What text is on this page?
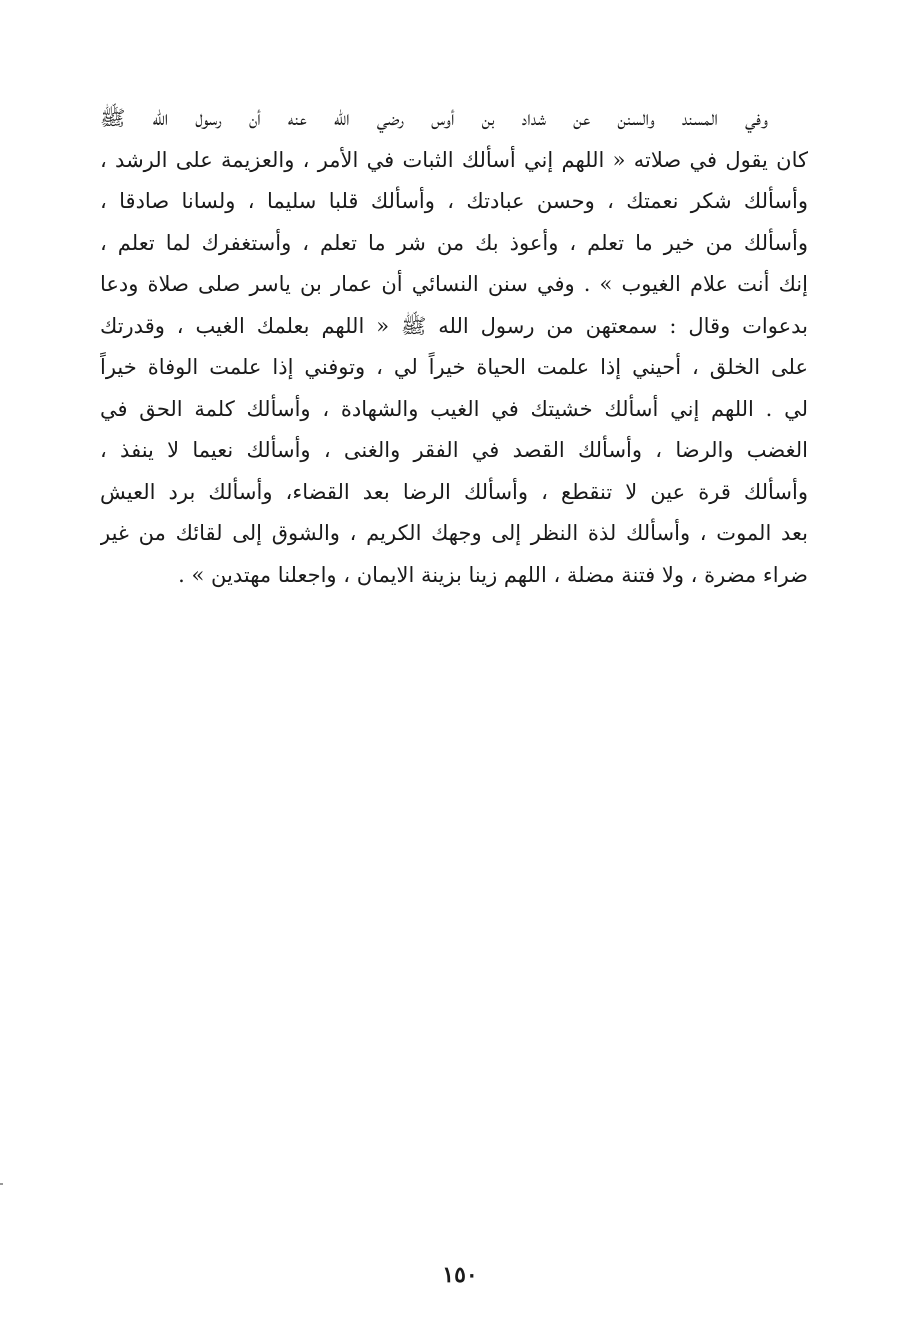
وفي المسند والسنن عن شداد بن أوس رضي الله عنه أن رسول الله ﷺ
كان يقول في صلاته « اللهم إني أسألك الثبات في الأمر ، والعزيمة على الرشد ،
وأسألك شكر نعمتك ، وحسن عبادتك ، وأسألك قلبا سليما ، ولسانا صادقا ،
وأسألك من خير ما تعلم ، وأعوذ بك من شر ما تعلم ، وأستغفرك لما تعلم ،
إنك أنت علام الغيوب » . وفي سنن النسائي أن عمار بن ياسر صلى صلاة ودعا
بدعوات وقال : سمعتهن من رسول الله ﷺ « اللهم بعلمك الغيب ، وقدرتك
على الخلق ، أحيني إذا علمت الحياة خيراً لي ، وتوفني إذا علمت الوفاة خيراً
لي . اللهم إني أسألك خشيتك في الغيب والشهادة ، وأسألك كلمة الحق في
الغضب والرضا ، وأسألك القصد في الفقر والغنى ، وأسألك نعيما لا ينفذ ،
وأسألك قرة عين لا تنقطع ، وأسألك الرضا بعد القضاء، وأسألك برد العيش
بعد الموت ، وأسألك لذة النظر إلى وجهك الكريم ، والشوق إلى لقائك من غير
ضراء مضرة ، ولا فتنة مضلة ، اللهم زينا بزينة الايمان ، واجعلنا مهتدين » .
١٥٠
